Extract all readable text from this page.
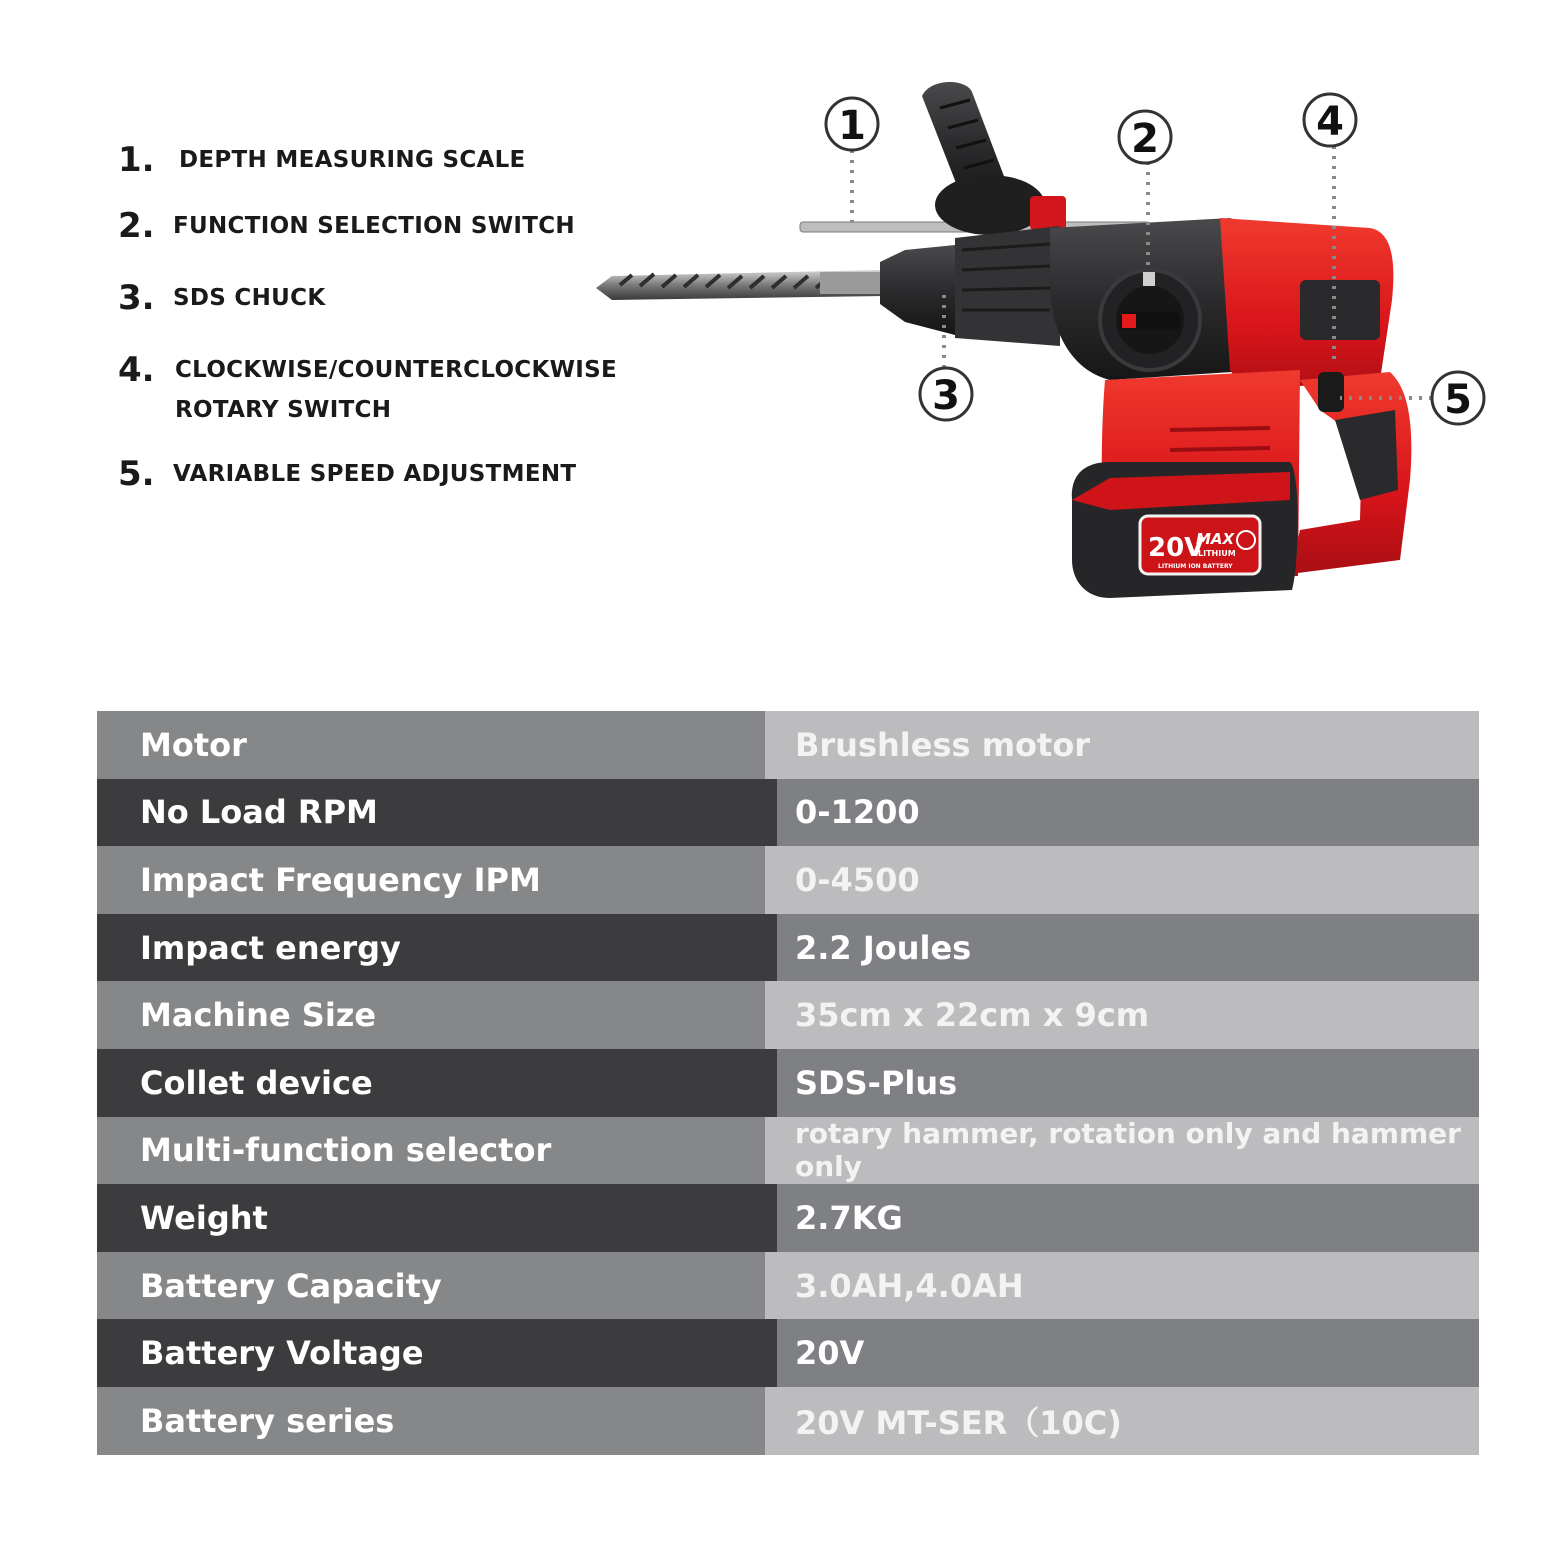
1.	DEPTH MEASURING SCALE
2. FUNCTION SELECTION SWITCH
3. SDS CHUCK
4. CLOCKWISE/COUNTERCLOCKWISE
ROTARY SWITCH
5. VARIABLE SPEED ADJUSTMENT
20V
MAX
LITHIUM
LITHIUM ION BATTERY
1	2
3
4
5
Motor	Brushless motor
No Load RPM	0-1200
Impact Frequency IPM	0-4500
Impact energy	2.2 Joules
Machine Size	35cm x 22cm x 9cm
Collet device	SDS-Plus
Multi-function selector	rotary hammer, rotation only and hammer only
Weight	2.7KG
Battery Capacity	3.0AH,4.0AH
Battery Voltage	20V
Battery series	20V MT-SER（10C)
